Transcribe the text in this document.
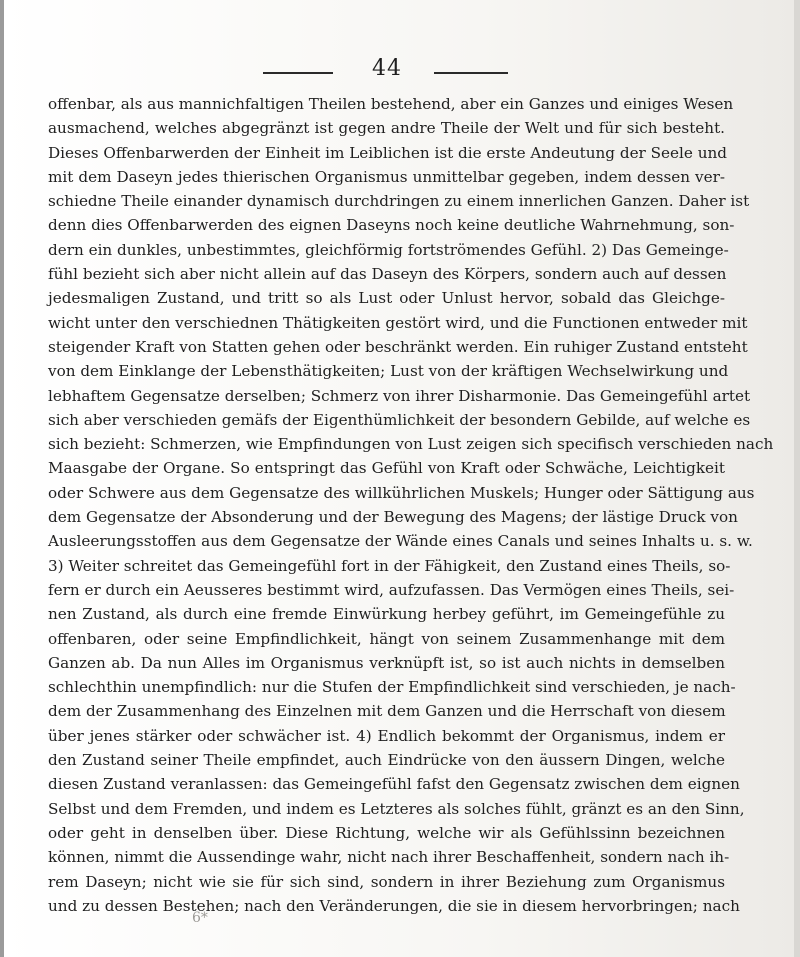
44
offenbar, als aus mannichfaltigen Theilen bestehend, aber ein Ganzes und einiges Wesen
ausmachend, welches abgegränzt ist gegen andre Theile der Welt und für sich besteht.
Dieses Offenbarwerden der Einheit im Leiblichen ist die erste Andeutung der Seele und
mit dem Daseyn jedes thierischen Organismus unmittelbar gegeben, indem dessen ver-
schiedne Theile einander dynamisch durchdringen zu einem innerlichen Ganzen. Daher ist
denn dies Offenbarwerden des eignen Daseyns noch keine deutliche Wahrnehmung, son-
dern ein dunkles, unbestimmtes, gleichförmig fortströmendes Gefühl. 2) Das Gemeinge-
fühl bezieht sich aber nicht allein auf das Daseyn des Körpers, sondern auch auf dessen
jedesmaligen Zustand, und tritt so als Lust oder Unlust hervor, sobald das Gleichge-
wicht unter den verschiednen Thätigkeiten gestört wird, und die Functionen entweder mit
steigender Kraft von Statten gehen oder beschränkt werden. Ein ruhiger Zustand entsteht
von dem Einklange der Lebensthätigkeiten; Lust von der kräftigen Wechselwirkung und
lebhaftem Gegensatze derselben; Schmerz von ihrer Disharmonie. Das Gemeingefühl artet
sich aber verschieden gemäfs der Eigenthümlichkeit der besondern Gebilde, auf welche es
sich bezieht: Schmerzen, wie Empfindungen von Lust zeigen sich specifisch verschieden nach
Maasgabe der Organe. So entspringt das Gefühl von Kraft oder Schwäche, Leichtigkeit
oder Schwere aus dem Gegensatze des willkührlichen Muskels; Hunger oder Sättigung aus
dem Gegensatze der Absonderung und der Bewegung des Magens; der lästige Druck von
Ausleerungsstoffen aus dem Gegensatze der Wände eines Canals und seines Inhalts u. s. w.
3) Weiter schreitet das Gemeingefühl fort in der Fähigkeit, den Zustand eines Theils, so-
fern er durch ein Aeusseres bestimmt wird, aufzufassen. Das Vermögen eines Theils, sei-
nen Zustand, als durch eine fremde Einwürkung herbey geführt, im Gemeingefühle zu
offenbaren, oder seine Empfindlichkeit, hängt von seinem Zusammenhange mit dem
Ganzen ab. Da nun Alles im Organismus verknüpft ist, so ist auch nichts in demselben
schlechthin unempfindlich: nur die Stufen der Empfindlichkeit sind verschieden, je nach-
dem der Zusammenhang des Einzelnen mit dem Ganzen und die Herrschaft von diesem
über jenes stärker oder schwächer ist. 4) Endlich bekommt der Organismus, indem er
den Zustand seiner Theile empfindet, auch Eindrücke von den äussern Dingen, welche
diesen Zustand veranlassen: das Gemeingefühl fafst den Gegensatz zwischen dem eignen
Selbst und dem Fremden, und indem es Letzteres als solches fühlt, gränzt es an den Sinn,
oder geht in denselben über. Diese Richtung, welche wir als Gefühlssinn bezeichnen
können, nimmt die Aussendinge wahr, nicht nach ihrer Beschaffenheit, sondern nach ih-
rem Daseyn; nicht wie sie für sich sind, sondern in ihrer Beziehung zum Organismus
und zu dessen Bestehen; nach den Veränderungen, die sie in diesem hervorbringen; nach
6*
